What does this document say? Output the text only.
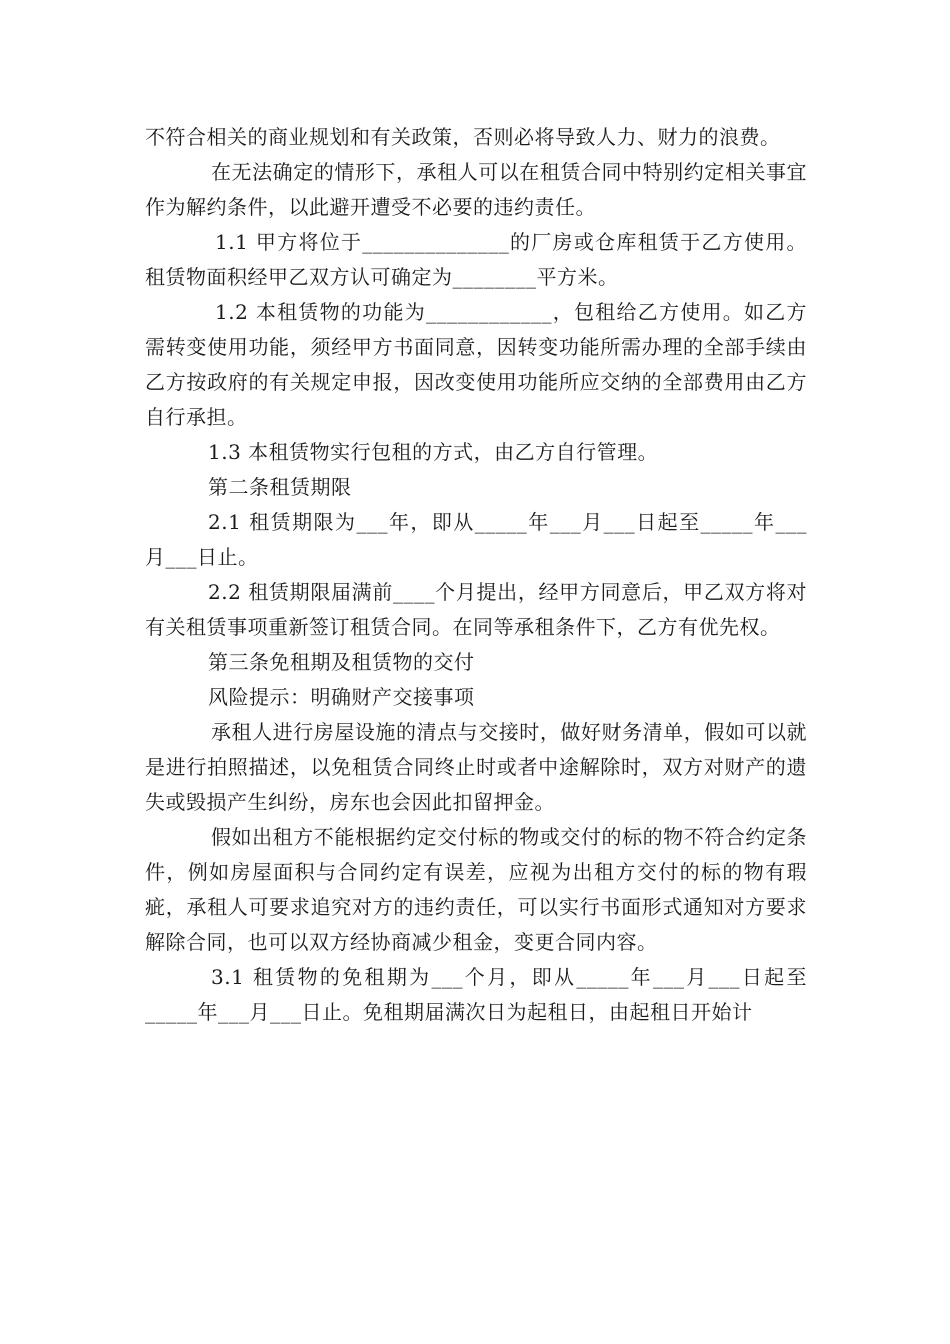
不符合相关的商业规划和有关政策，否则必将导致人力、财力的浪费。

在无法确定的情形下，承租人可以在租赁合同中特别约定相关事宜作为解约条件，以此避开遭受不必要的违约责任。

1.1 甲方将位于______________的厂房或仓库租赁于乙方使用。租赁物面积经甲乙双方认可确定为________平方米。

1.2 本租赁物的功能为____________，包租给乙方使用。如乙方需转变使用功能，须经甲方书面同意，因转变功能所需办理的全部手续由乙方按政府的有关规定申报，因改变使用功能所应交纳的全部费用由乙方自行承担。

1.3 本租赁物实行包租的方式，由乙方自行管理。

第二条租赁期限

2.1 租赁期限为___年，即从_____年___月___日起至_____年___月___日止。

2.2 租赁期限届满前____个月提出，经甲方同意后，甲乙双方将对有关租赁事项重新签订租赁合同。在同等承租条件下，乙方有优先权。

第三条免租期及租赁物的交付

风险提示：明确财产交接事项

承租人进行房屋设施的清点与交接时，做好财务清单，假如可以就是进行拍照描述，以免租赁合同终止时或者中途解除时，双方对财产的遗失或毁损产生纠纷，房东也会因此扣留押金。

假如出租方不能根据约定交付标的物或交付的标的物不符合约定条件，例如房屋面积与合同约定有误差，应视为出租方交付的标的物有瑕疵，承租人可要求追究对方的违约责任，可以实行书面形式通知对方要求解除合同，也可以双方经协商减少租金，变更合同内容。

3.1 租赁物的免租期为___个月，即从_____年___月___日起至_____年___月___日止。免租期届满次日为起租日，由起租日开始计
